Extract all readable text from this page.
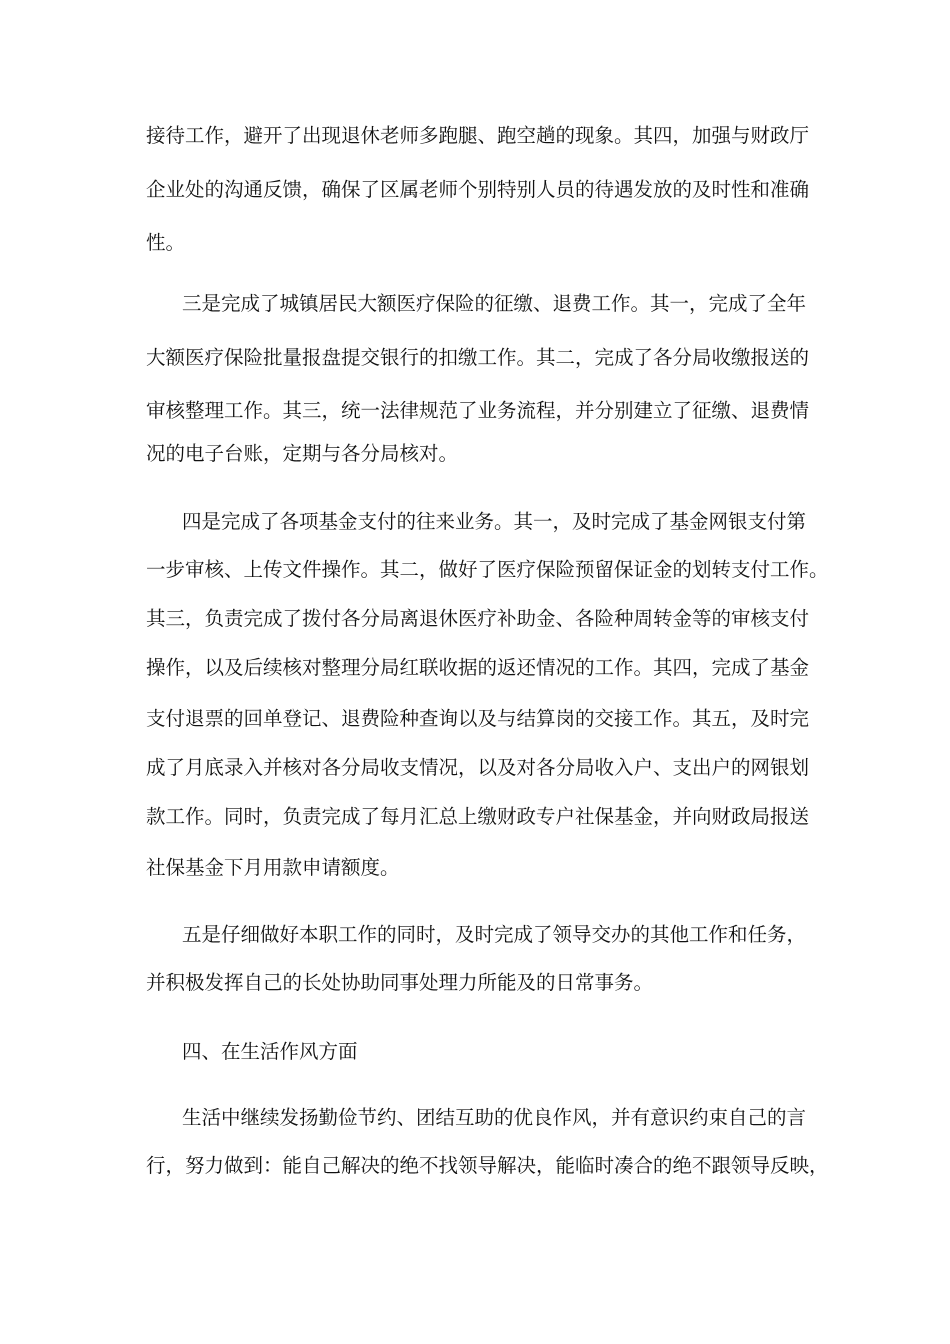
接待工作，避开了出现退休老师多跑腿、跑空趟的现象。其四，加强与财政厅
企业处的沟通反馈，确保了区属老师个别特别人员的待遇发放的及时性和准确
性。
三是完成了城镇居民大额医疗保险的征缴、退费工作。其一，完成了全年
大额医疗保险批量报盘提交银行的扣缴工作。其二，完成了各分局收缴报送的
审核整理工作。其三，统一法律规范了业务流程，并分别建立了征缴、退费情
况的电子台账，定期与各分局核对。
四是完成了各项基金支付的往来业务。其一，及时完成了基金网银支付第
一步审核、上传文件操作。其二，做好了医疗保险预留保证金的划转支付工作。
其三，负责完成了拨付各分局离退休医疗补助金、各险种周转金等的审核支付
操作，以及后续核对整理分局红联收据的返还情况的工作。其四，完成了基金
支付退票的回单登记、退费险种查询以及与结算岗的交接工作。其五，及时完
成了月底录入并核对各分局收支情况，以及对各分局收入户、支出户的网银划
款工作。同时，负责完成了每月汇总上缴财政专户社保基金，并向财政局报送
社保基金下月用款申请额度。
五是仔细做好本职工作的同时，及时完成了领导交办的其他工作和任务，
并积极发挥自己的长处协助同事处理力所能及的日常事务。
四、在生活作风方面
生活中继续发扬勤俭节约、团结互助的优良作风，并有意识约束自己的言
行，努力做到：能自己解决的绝不找领导解决，能临时凑合的绝不跟领导反映，
